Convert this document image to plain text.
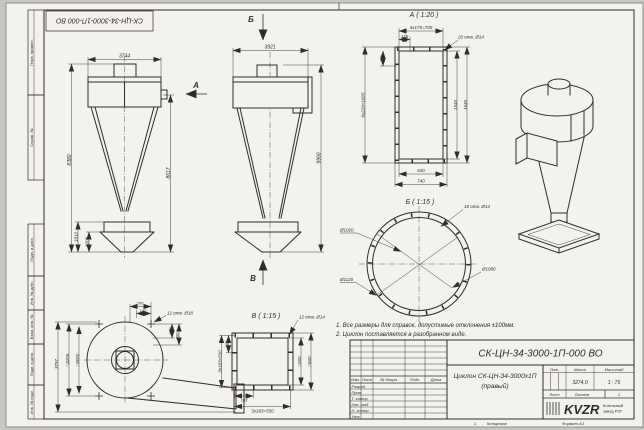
Перв. примен.
Справ. №
Подп. и дата
Инв. № дубл.
Взам. инв. №
Подп. и дата
Инв. № подл.
СК-ЦН-34-3000-1П-000 ВО
3744
8380
8617
1810 1005
А
Б
3921
9990
В
А ( 1:20 )
4х175=700
175	20 отв. Ø14
229
6х229=1605	1545 1645
640
740
Б ( 1:15 )
18 отв. Ø14
Ø1020
Ø1120
Ø1080
200
140
12 отв. Ø18
140
200
□3206 □3000
3797
В ( 1:15 )	12 отв. Ø14
3х183=550
183
□500 □600
183
3х183=550
1. Все размеры для справок, допустимые отклонения ±100мм.
2. Циклон поставляется в разобранном виде.
Изм. Лист № докум.	Подп.	Дата
Разраб.
Пров.
Т. контр.
Нач. отд
Н. контр.
Утв.
СК-ЦН-34-3000-1П-000 ВО
Циклон СК-ЦН-34-3000х1П
(правый)
Лит.	Масса	Масштаб
3274,0	1 : 75
Лист	Листов	1
KVZR Котельный
завод РЗТ
1	Копировал	Формат А3
